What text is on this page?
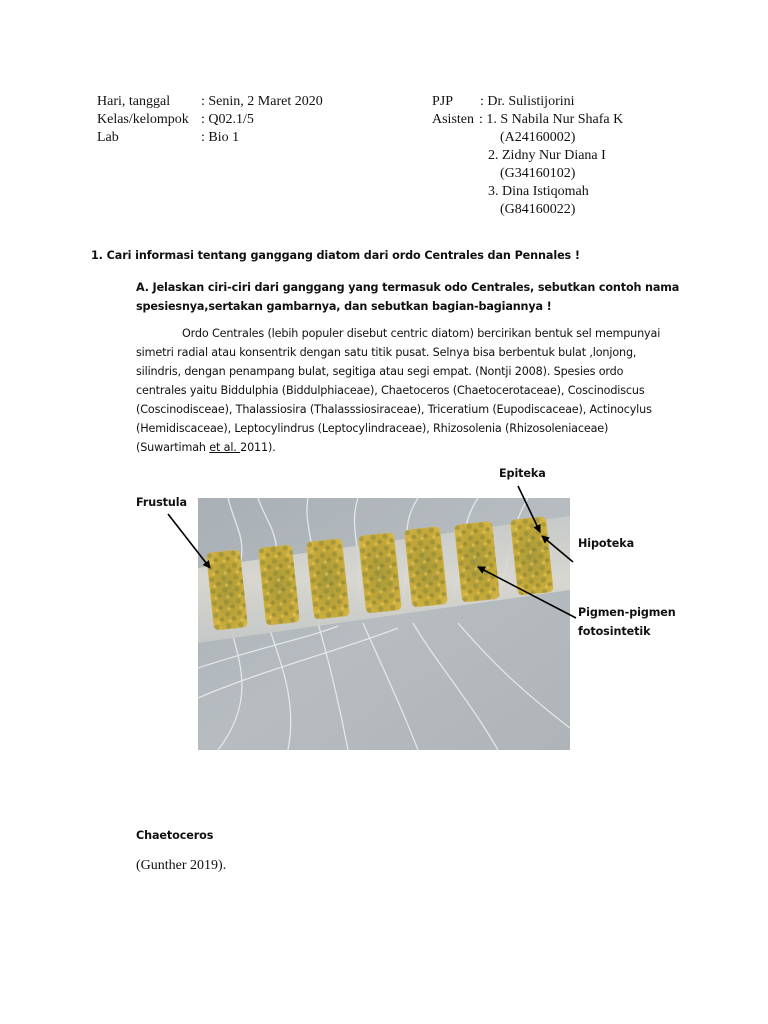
Hari, tanggal : Senin, 2 Maret 2020
Kelas/kelompok : Q02.1/5
Lab	: Bio 1
PJP : Dr. Sulistijorini
Asisten : 1. S Nabila Nur Shafa K
(A24160002)
2. Zidny Nur Diana I
(G34160102)
3. Dina Istiqomah
(G84160022)
1. Cari informasi tentang ganggang diatom dari ordo Centrales dan Pennales !
A. Jelaskan ciri-ciri dari ganggang yang termasuk odo Centrales, sebutkan contoh nama
spesiesnya,sertakan gambarnya, dan sebutkan bagian-bagiannya !
Ordo Centrales (lebih populer disebut centric diatom) bercirikan bentuk sel mempunyai
simetri radial atau konsentrik dengan satu titik pusat. Selnya bisa berbentuk bulat ,lonjong,
silindris, dengan penampang bulat, segitiga atau segi empat. (Nontji 2008). Spesies ordo
centrales yaitu Biddulphia (Biddulphiaceae), Chaetoceros (Chaetocerotaceae), Coscinodiscus
(Coscinodisceae), Thalassiosira (Thalasssiosiraceae), Triceratium (Eupodiscaceae), Actinocylus
(Hemidiscaceae), Leptocylindrus (Leptocylindraceae), Rhizosolenia (Rhizosoleniaceae)
(Suwartimah et al. 2011).
Frustula
Epiteka
Hipoteka
Pigmen-pigmen
fotosintetik
Chaetoceros
(Gunther 2019).
